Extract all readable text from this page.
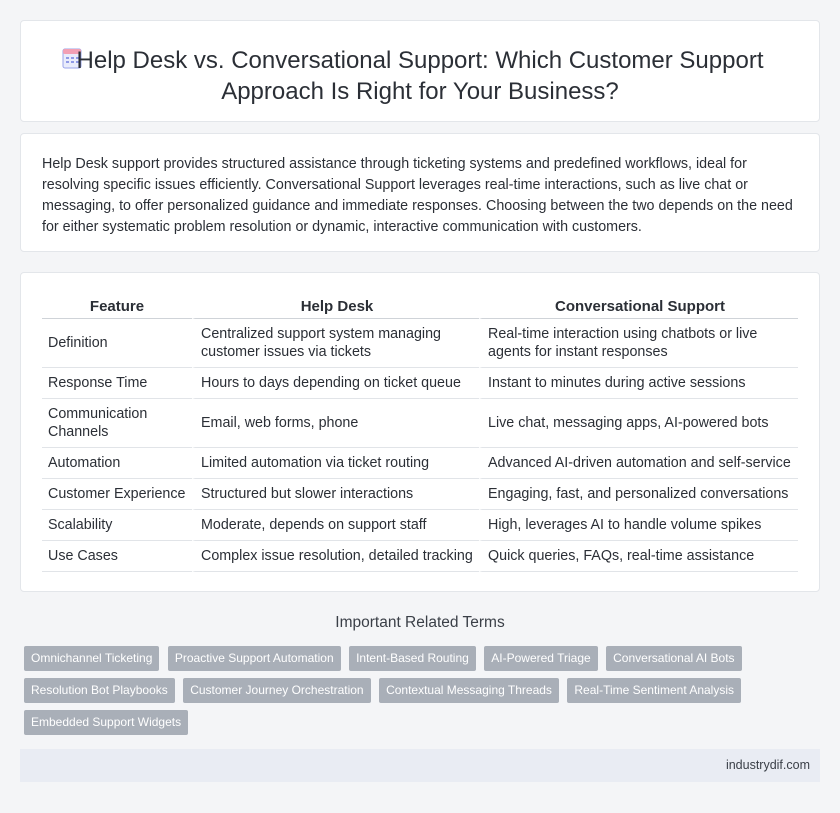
Help Desk vs. Conversational Support: Which Customer Support Approach Is Right for Your Business?

Help Desk support provides structured assistance through ticketing systems and predefined workflows, ideal for resolving specific issues efficiently. Conversational Support leverages real-time interactions, such as live chat or messaging, to offer personalized guidance and immediate responses. Choosing between the two depends on the need for either systematic problem resolution or dynamic, interactive communication with customers.

Feature	Help Desk	Conversational Support
Definition	Centralized support system managing customer issues via tickets	Real-time interaction using chatbots or live agents for instant responses
Response Time	Hours to days depending on ticket queue	Instant to minutes during active sessions
Communication Channels	Email, web forms, phone	Live chat, messaging apps, AI-powered bots
Automation	Limited automation via ticket routing	Advanced AI-driven automation and self-service
Customer Experience	Structured but slower interactions	Engaging, fast, and personalized conversations
Scalability	Moderate, depends on support staff	High, leverages AI to handle volume spikes
Use Cases	Complex issue resolution, detailed tracking	Quick queries, FAQs, real-time assistance
Important Related Terms
Omnichannel Ticketing Proactive Support Automation Intent-Based Routing AI-Powered Triage Conversational AI Bots
Resolution Bot Playbooks Customer Journey Orchestration Contextual Messaging Threads Real-Time Sentiment Analysis
Embedded Support Widgets
industrydif.com
